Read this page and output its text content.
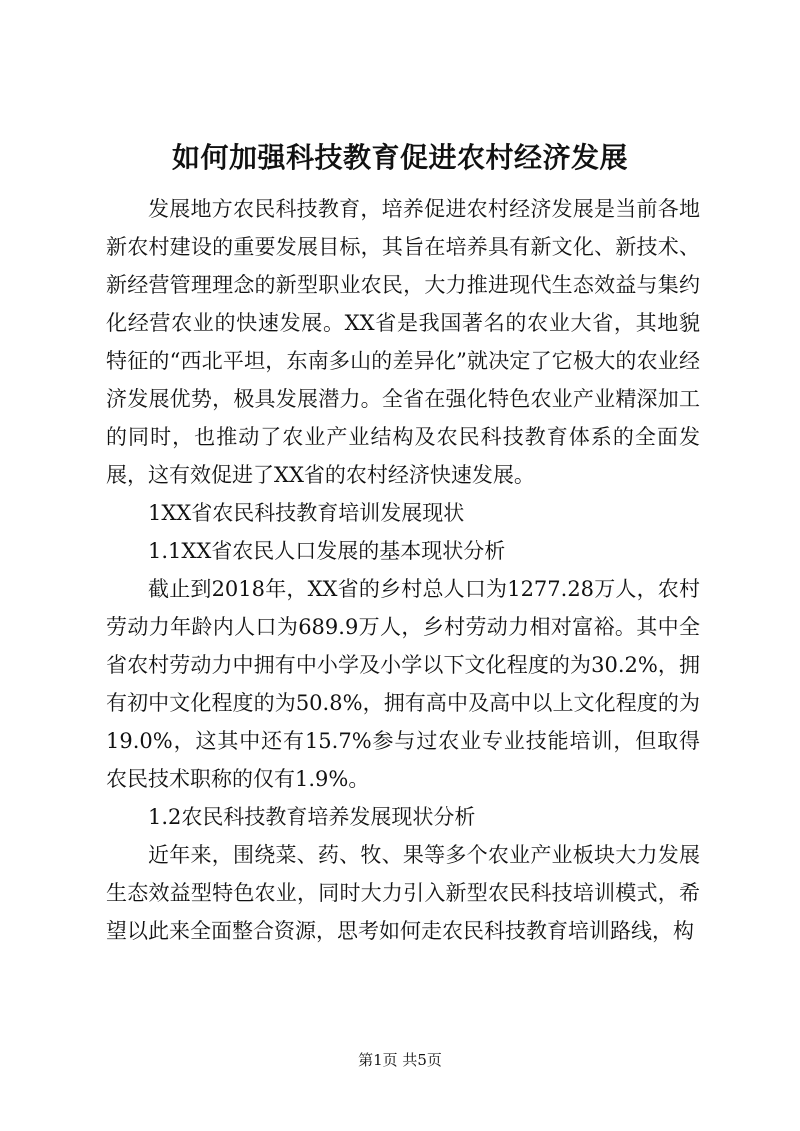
如何加强科技教育促进农村经济发展

发展地方农民科技教育，培养促进农村经济发展是当前各地新农村建设的重要发展目标，其旨在培养具有新文化、新技术、新经营管理理念的新型职业农民，大力推进现代生态效益与集约化经营农业的快速发展。XX省是我国著名的农业大省，其地貌特征的“西北平坦，东南多山的差异化”就决定了它极大的农业经济发展优势，极具发展潜力。全省在强化特色农业产业精深加工的同时，也推动了农业产业结构及农民科技教育体系的全面发展，这有效促进了XX省的农村经济快速发展。

1XX省农民科技教育培训发展现状

1.1XX省农民人口发展的基本现状分析

截止到2018年，XX省的乡村总人口为1277.28万人，农村劳动力年龄内人口为689.9万人，乡村劳动力相对富裕。其中全省农村劳动力中拥有中小学及小学以下文化程度的为30.2%，拥有初中文化程度的为50.8%，拥有高中及高中以上文化程度的为19.0%，这其中还有15.7%参与过农业专业技能培训，但取得农民技术职称的仅有1.9%。

1.2农民科技教育培养发展现状分析

近年来，围绕菜、药、牧、果等多个农业产业板块大力发展生态效益型特色农业，同时大力引入新型农民科技培训模式，希望以此来全面整合资源，思考如何走农民科技教育培训路线，构

第1页 共5页
